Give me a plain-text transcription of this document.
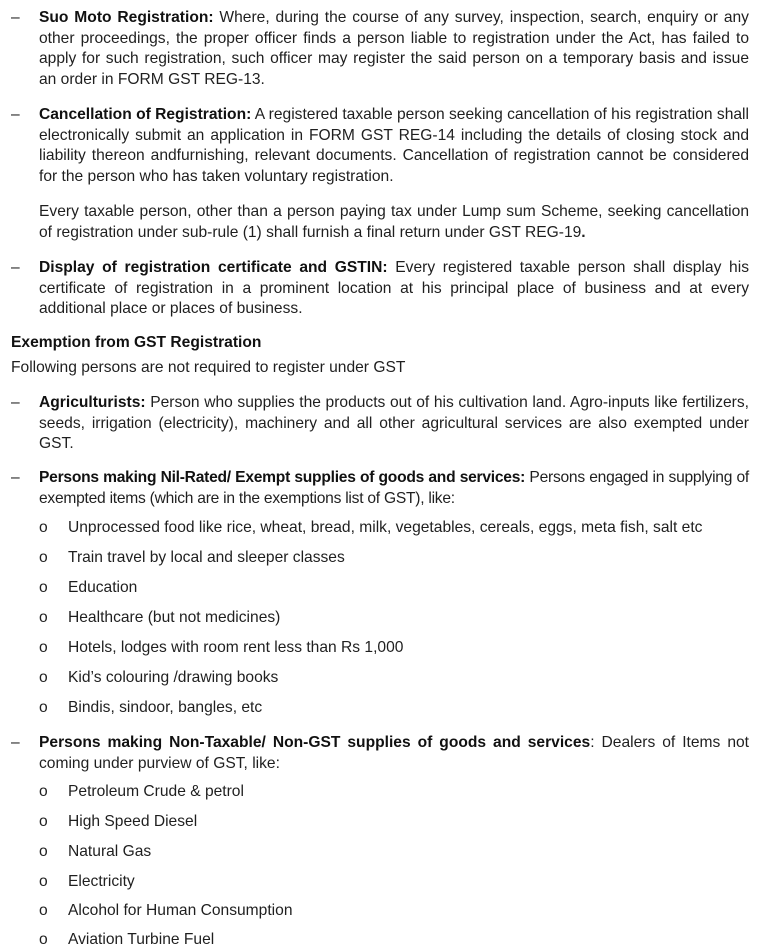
–	Suo Moto Registration: Where, during the course of any survey, inspection, search, enquiry or any other proceedings, the proper officer finds a person liable to registration under the Act, has failed to apply for such registration, such officer may register the said person on a temporary basis and issue an order in FORM GST REG-13.
–	Cancellation of Registration: A registered taxable person seeking cancellation of his registration shall electronically submit an application in FORM GST REG-14 including the details of closing stock and liability thereon andfurnishing, relevant documents. Cancellation of registration cannot be considered for the person who has taken voluntary registration.
Every taxable person, other than a person paying tax under Lump sum Scheme, seeking cancellation of registration under sub-rule (1) shall furnish a final return under GST REG-19.
–	Display of registration certificate and GSTIN: Every registered taxable person shall display his certificate of registration in a prominent location at his principal place of business and at every additional place or places of business.
Exemption from GST Registration
Following persons are not required to register under GST
–	Agriculturists: Person who supplies the products out of his cultivation land. Agro-inputs like fertilizers, seeds, irrigation (electricity), machinery and all other agricultural services are also exempted under GST.
–	Persons making Nil-Rated/ Exempt supplies of goods and services: Persons engaged in supplying of exempted items (which are in the exemptions list of GST), like:
o Unprocessed food like rice, wheat, bread, milk, vegetables, cereals, eggs, meta fish, salt etc
o Train travel by local and sleeper classes
o Education
o Healthcare (but not medicines)
o Hotels, lodges with room rent less than Rs 1,000
o Kid’s colouring /drawing books
o Bindis, sindoor, bangles, etc
–	Persons making Non-Taxable/ Non-GST supplies of goods and services: Dealers of Items not coming under purview of GST, like:
o Petroleum Crude & petrol
o High Speed Diesel
o Natural Gas
o Electricity
o Alcohol for Human Consumption
o Aviation Turbine Fuel
